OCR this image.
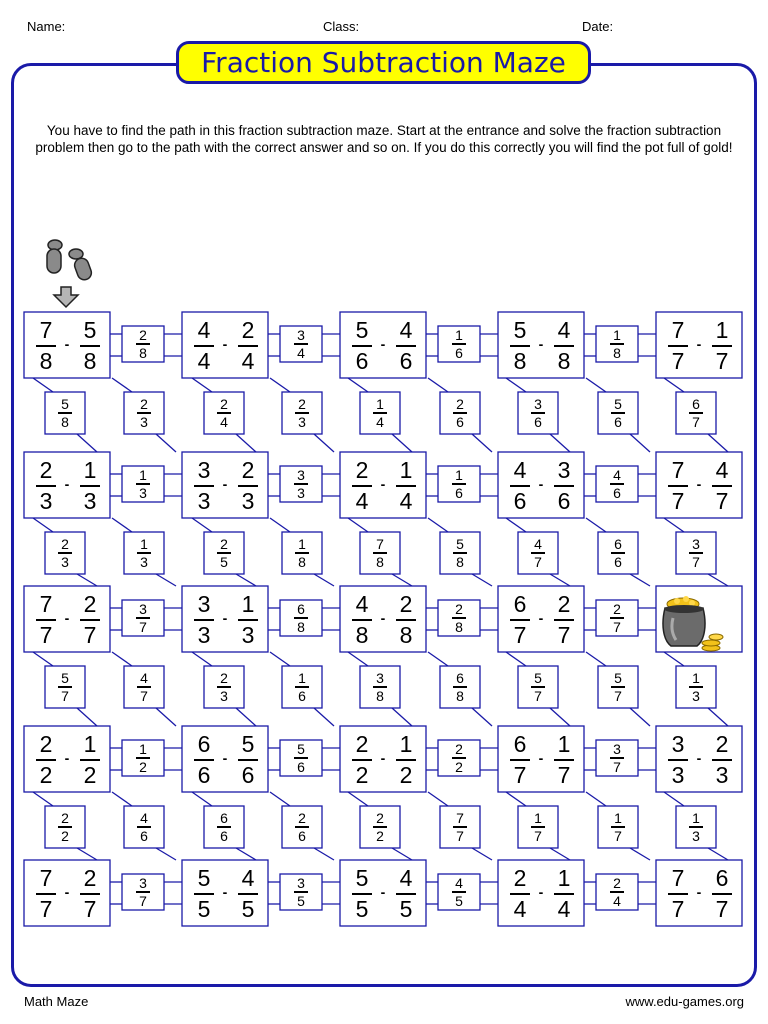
Name:	Class:	Date:
Fraction Subtraction Maze
You have to find the path in this fraction subtraction maze. Start at the entrance and solve the fraction subtraction problem then go to the path with the correct answer and so on. If you do this correctly you will find the pot full of gold!
7
8
5
8
-
4
4
2
4
-
5
6
4
6
-
5
8
4
8
-
7
7
1
7
-
2
3
1
3
-
3
3
2
3
-
2
4
1
4
-
4
6
3
6
-
7
7
4
7
-
7
7
2
7
-
3
3
1
3
-
4
8
2
8
-
6
7
2
7
-
2
2
1
2
-
6
6
5
6
-
2
2
1
2
-
6
7
1
7
-
3
3
2
3
-
7
7
2
7
-
5
5
4
5
-
5
5
4
5
-
2
4
1
4
-
7
7
6
7
-
2
8
3
4
1
6
1
8
1
3
3
3
1
6
4
6
3
7
6
8
2
8
2
7
1
2
5
6
2
2
3
7
3
7
3
5
4
5
2
4
5
8
2
3
2
4
2
3
1
4
2
6
3
6
5
6
6
7
2
3
1
3
2
5
1
8
7
8
5
8
4
7
6
6
3
7
5
7
4
7
2
3
1
6
3
8
6
8
5
7
5
7
1
3
2
2
4
6
6
6
2
6
2
2
7
7
1
7
1
7
1
3
Math Maze	www.edu-games.org
